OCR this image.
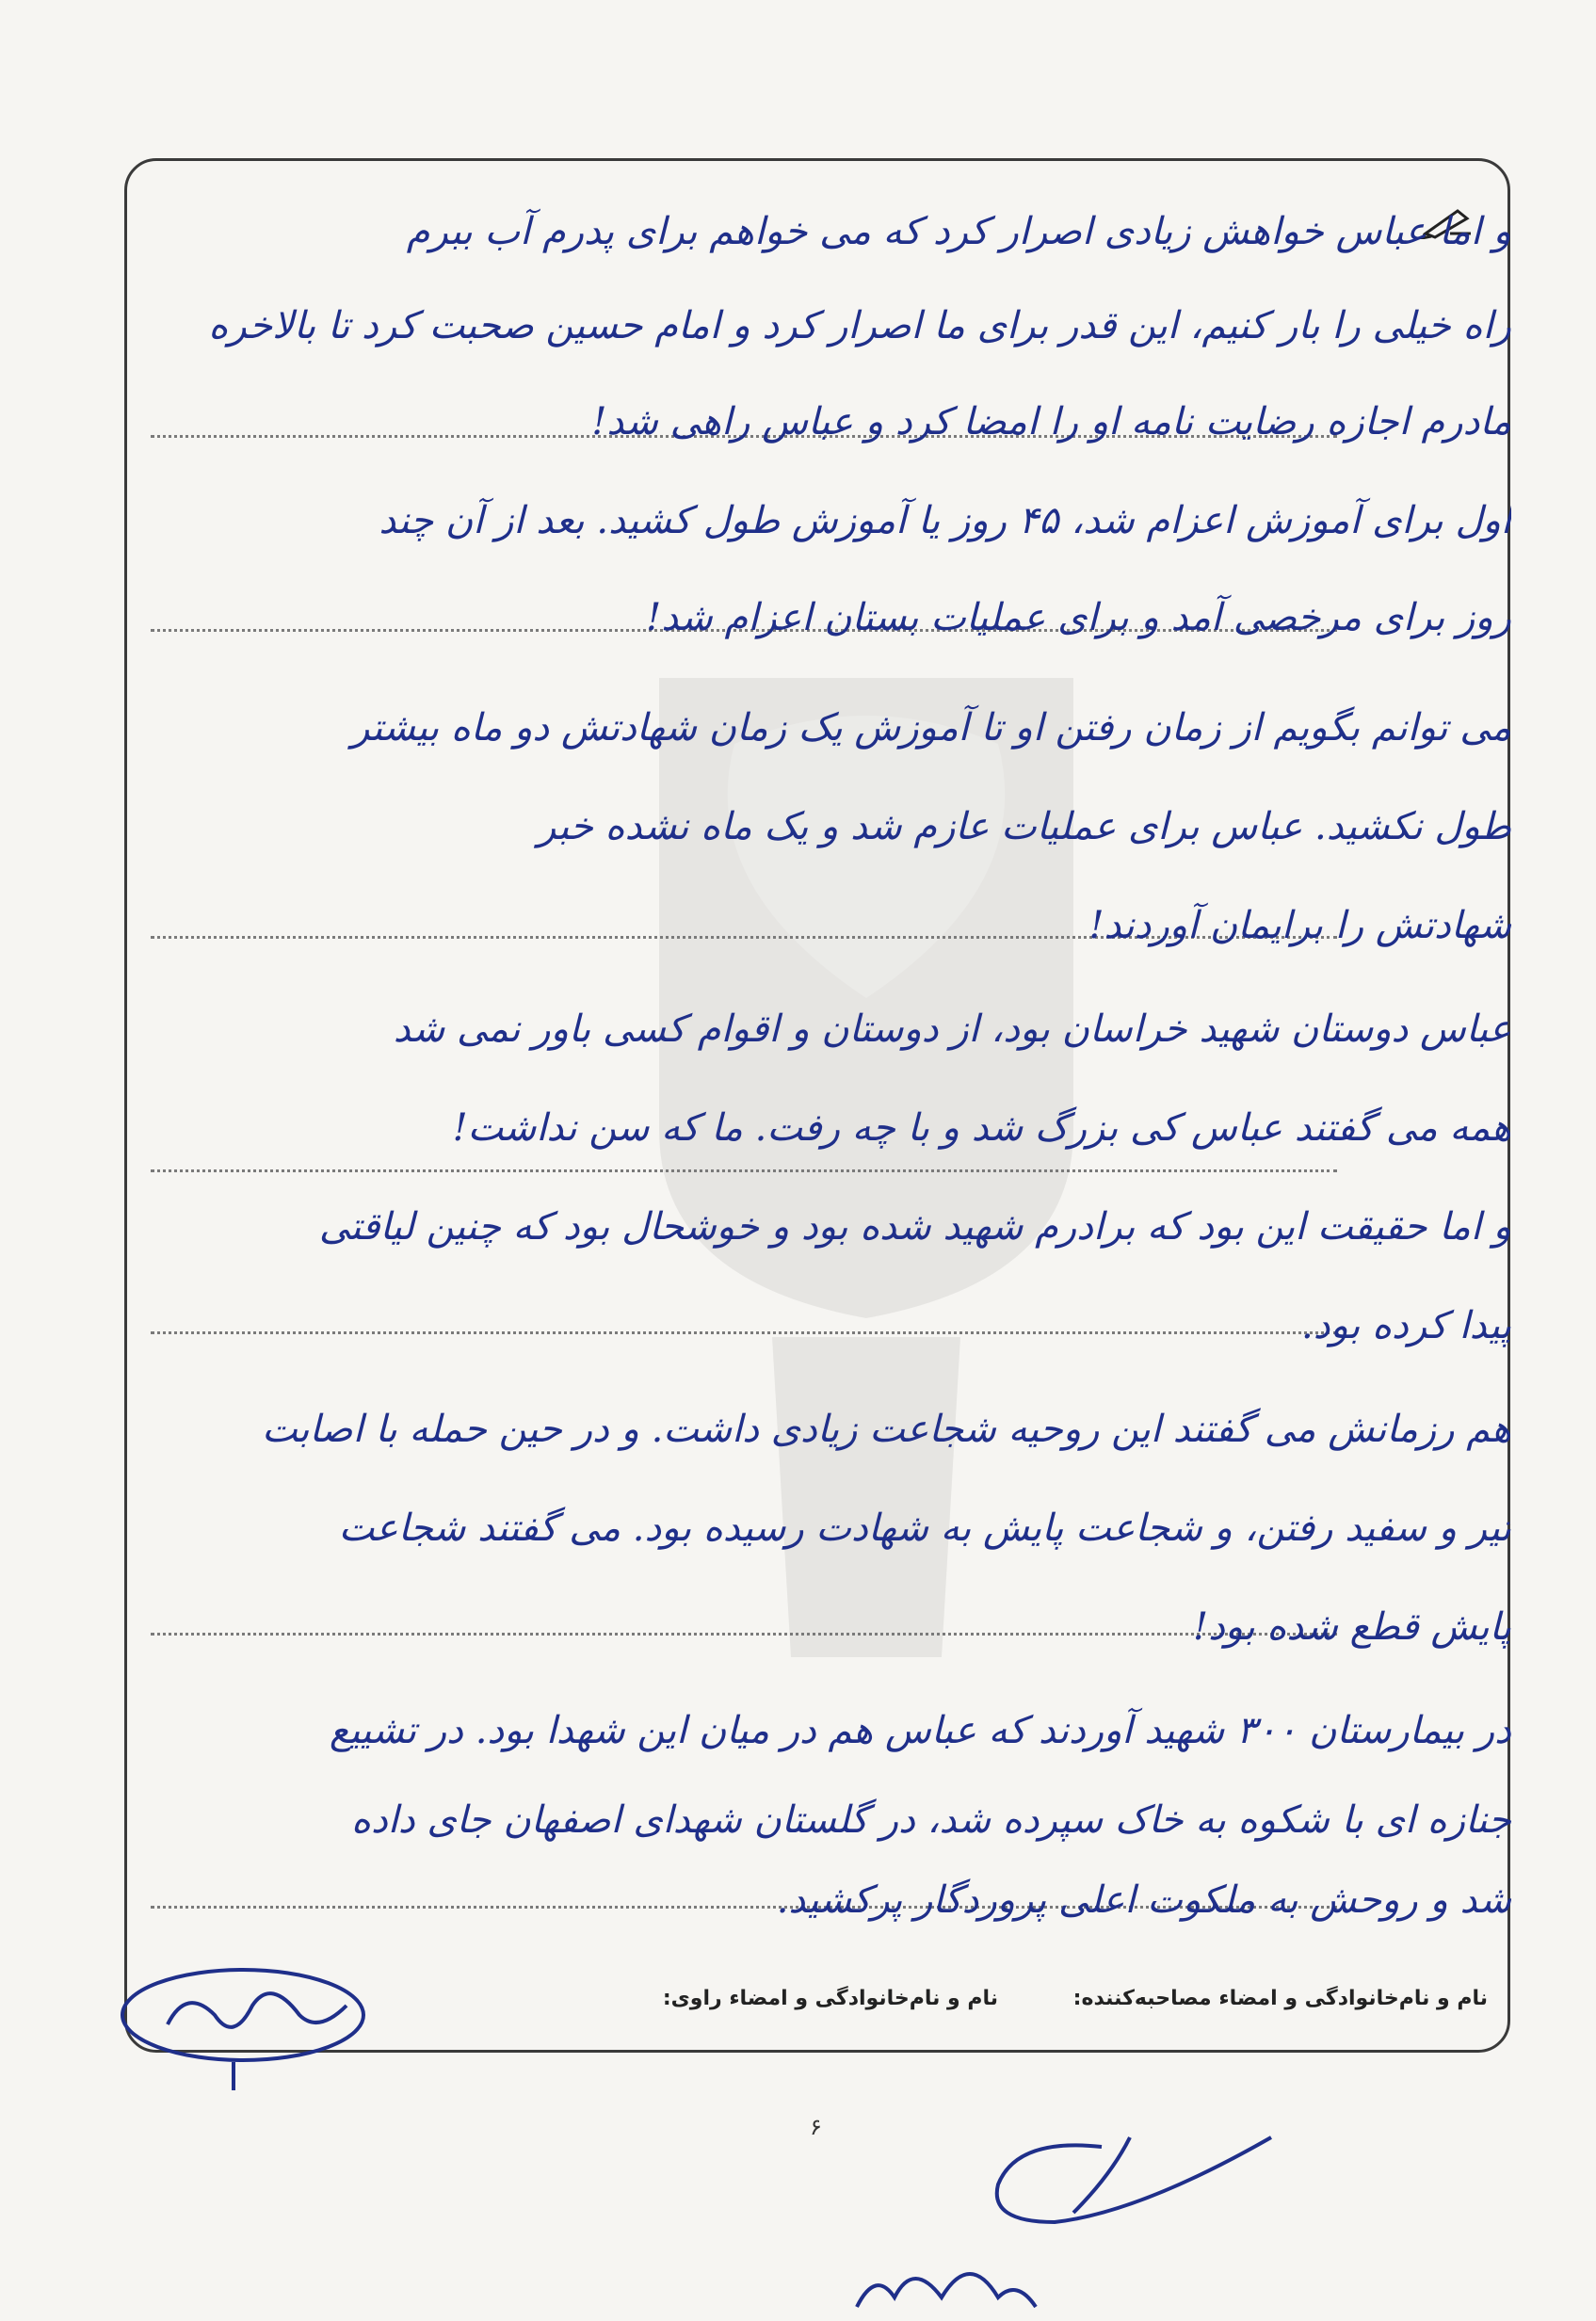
و اما عباس خواهش زیادی اصرار کرد که می خواهم برای پدرم آب ببرم
راه خیلی را بار کنیم، این قدر برای ما اصرار کرد و امام حسین صحبت کرد تا بالاخره
مادرم اجازه رضایت نامه او را امضا کرد و عباس راهی شد!
اول برای آموزش اعزام شد، ۴۵ روز یا آموزش طول کشید. بعد از آن چند
روز برای مرخصی آمد و برای عملیات بستان اعزام شد!
می توانم بگویم از زمان رفتن او تا آموزش یک زمان شهادتش دو ماه بیشتر
طول نکشید. عباس برای عملیات عازم شد و یک ماه نشده خبر
شهادتش را برایمان آوردند!
عباس دوستان شهید خراسان بود، از دوستان و اقوام کسی باور نمی شد
همه می گفتند عباس کی بزرگ شد و با چه رفت. ما که سن نداشت!
و اما حقیقت این بود که برادرم شهید شده بود و خوشحال بود که چنین لیاقتی
پیدا کرده بود.
هم رزمانش می گفتند این روحیه شجاعت زیادی داشت. و در حین حمله با اصابت
تیر و سفید رفتن، و شجاعت پایش به شهادت رسیده بود. می گفتند شجاعت
پایش قطع شده بود!
در بیمارستان ۳۰۰ شهید آوردند که عباس هم در میان این شهدا بود. در تشییع
جنازه ای با شکوه به خاک سپرده شد، در گلستان شهدای اصفهان جای داده
شد و روحش به ملکوت اعلی پروردگار پرکشید.
نام و نام‌خانوادگی و امضاء مصاحبه‌کننده:
نام و نام‌خانوادگی و امضاء راوی:
۶
